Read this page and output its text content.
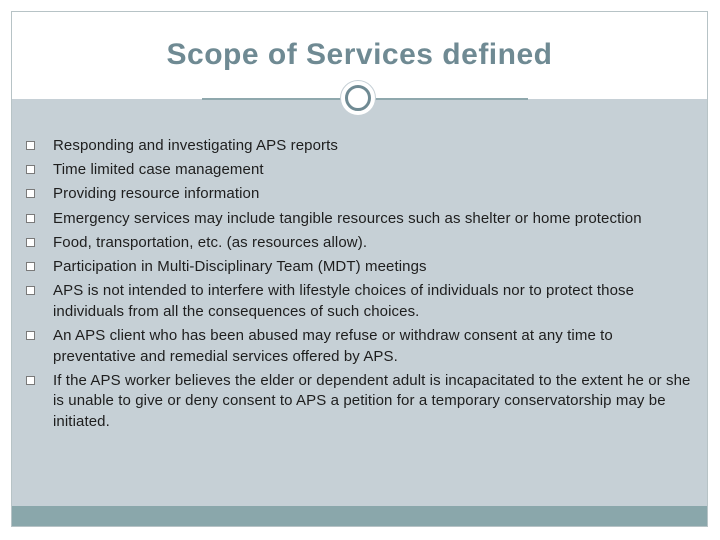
Scope of Services defined
Responding and investigating APS reports
Time limited case management
Providing resource information
Emergency services may include tangible resources such as shelter or home protection
Food, transportation, etc. (as resources allow).
Participation in Multi-Disciplinary Team (MDT) meetings
APS is not intended to interfere with lifestyle choices of individuals nor to protect those individuals from all the consequences of such choices.
An APS client who has been abused may refuse or withdraw consent at any time to preventative and remedial services offered by APS.
If the APS worker believes the elder or dependent adult is incapacitated to the extent he or she is unable to give or deny consent to APS a petition for a temporary conservatorship may be initiated.
